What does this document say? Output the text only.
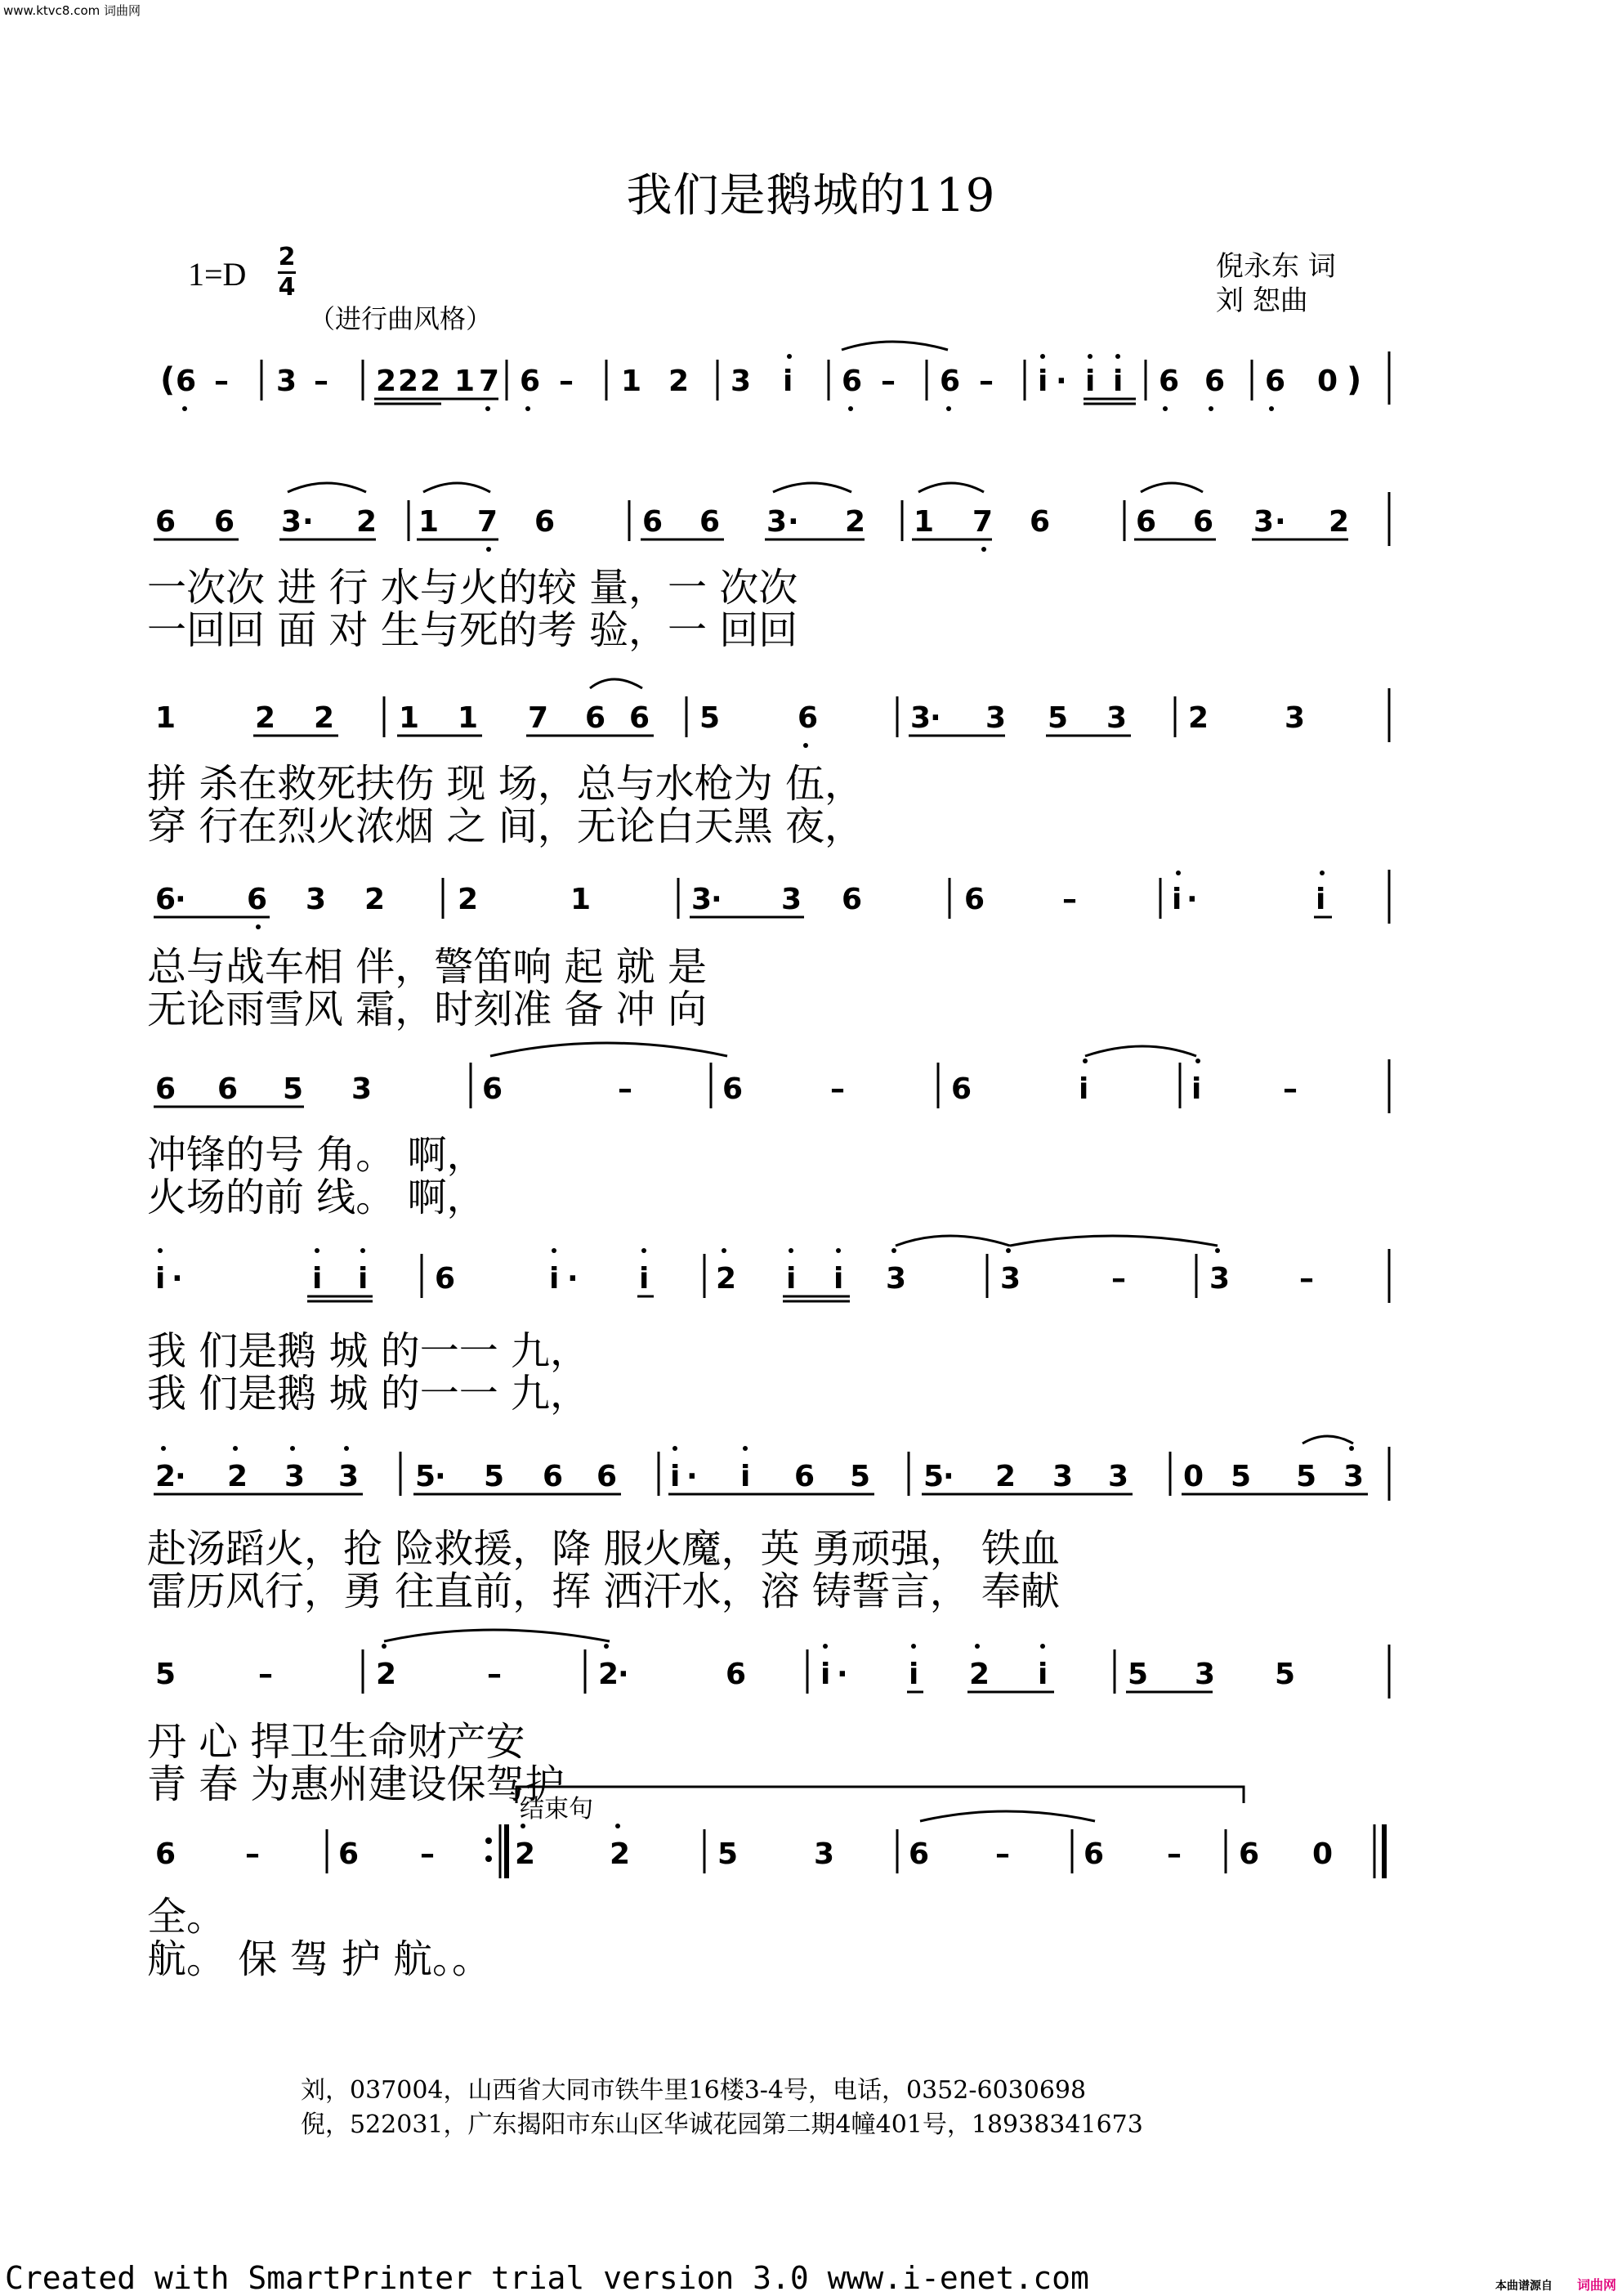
www.ktvc8.com 词曲网
我们是鹅城的119
1=D 2
4
（进行曲风格）
倪永东 词
刘 恕曲
( 6 – 3 – 2 2 2 1 7 6 – 1 2 3 i 6 – 6 – i · i i 6 6 6 0 )
6 6 3 · 2 1 7 6	6 6 3 · 2 1 7 6	6 6 3 · 2
1	2 2 1 1 7 6 6 5	6	3
· 3 5 3 2	3
6
· 6 3 2 2	1	3
· 3 6	6	–	i ·	i
6 6 5 3	6	–	6	–	6	i	i	–
i ·	i i 6	i · i 2 i i 3	3	–	3 –
2
· 2 3 3 5
· 5 6 6 i · i 6 5 5
· 2 3 3 0 5 5 3
5	–	2	–	2
·	6	i · i 2 i	5 3 5
6 –	6 –	2	2	5	3	6 –	6 – 6 0
一次次 进 行 水与火的较 量，一 次次
一回回 面 对 生与死的考 验，一 回回
拼 杀在救死扶伤 现 场，总与水枪为 伍，
穿 行在烈火浓烟 之 间，无论白天黑 夜，
总与战车相 伴，警笛响 起 就 是
无论雨雪风 霜，时刻准 备 冲 向
冲锋的号 角。 啊，
火场的前 线。 啊，
我 们是鹅 城 的一一 九，
我 们是鹅 城 的一一 九，
赴汤蹈火，抢 险救援，降 服火魔，英 勇顽强， 铁血
雷历风行，勇 往直前，挥 洒汗水，溶 铸誓言， 奉献
丹 心 捍卫生命财产安
青 春 为惠州建设保驾护
结束句
全。
航。 保 驾 护 航。。
刘，037004，山西省大同市铁牛里16楼3-4号，电话，0352-6030698
倪，522031，广东揭阳市东山区华诚花园第二期4幢401号，18938341673
Created with SmartPrinter trial version 3.0 www.i-enet.com	本曲谱源自 词曲网
